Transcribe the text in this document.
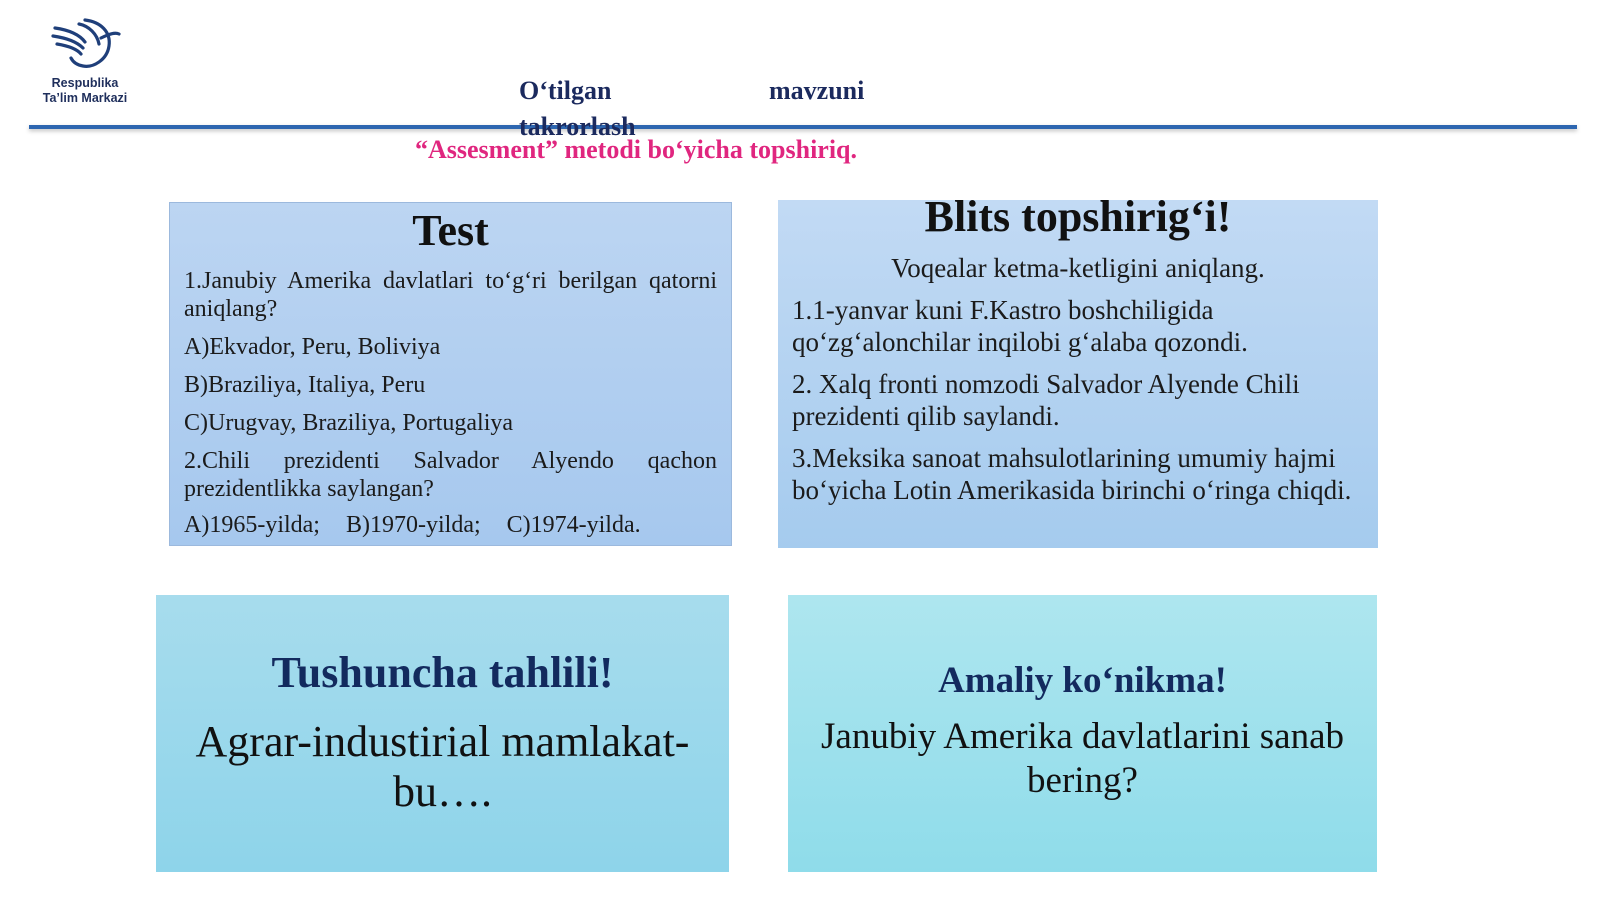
Respublika
Ta’lim Markazi	O‘tilgan	mavzuni
takrorlash
“Assesment” metodi bo‘yicha topshiriq.
Test
1.Janubiy Amerika davlatlari to‘g‘ri berilgan qatorni aniqlang?
A)Ekvador, Peru, Boliviya
B)Braziliya, Italiya, Peru
C)Urugvay, Braziliya, Portugaliya
2.Chili prezidenti Salvador Alyendo qachon prezidentlikka saylangan?
A)1965-yilda; B)1970-yilda; C)1974-yilda.
Blits topshirig‘i!
Voqealar ketma-ketligini aniqlang.
1.1-yanvar kuni F.Kastro boshchiligida qo‘zg‘alonchilar inqilobi g‘alaba qozondi.
2. Xalq fronti nomzodi Salvador Alyende Chili prezidenti qilib saylandi.
3.Meksika sanoat mahsulotlarining umumiy hajmi bo‘yicha Lotin Amerikasida birinchi o‘ringa chiqdi.
Tushuncha tahlili!
Agrar-industirial mamlakat-bu….
Amaliy ko‘nikma!
Janubiy Amerika davlatlarini sanab bering?
